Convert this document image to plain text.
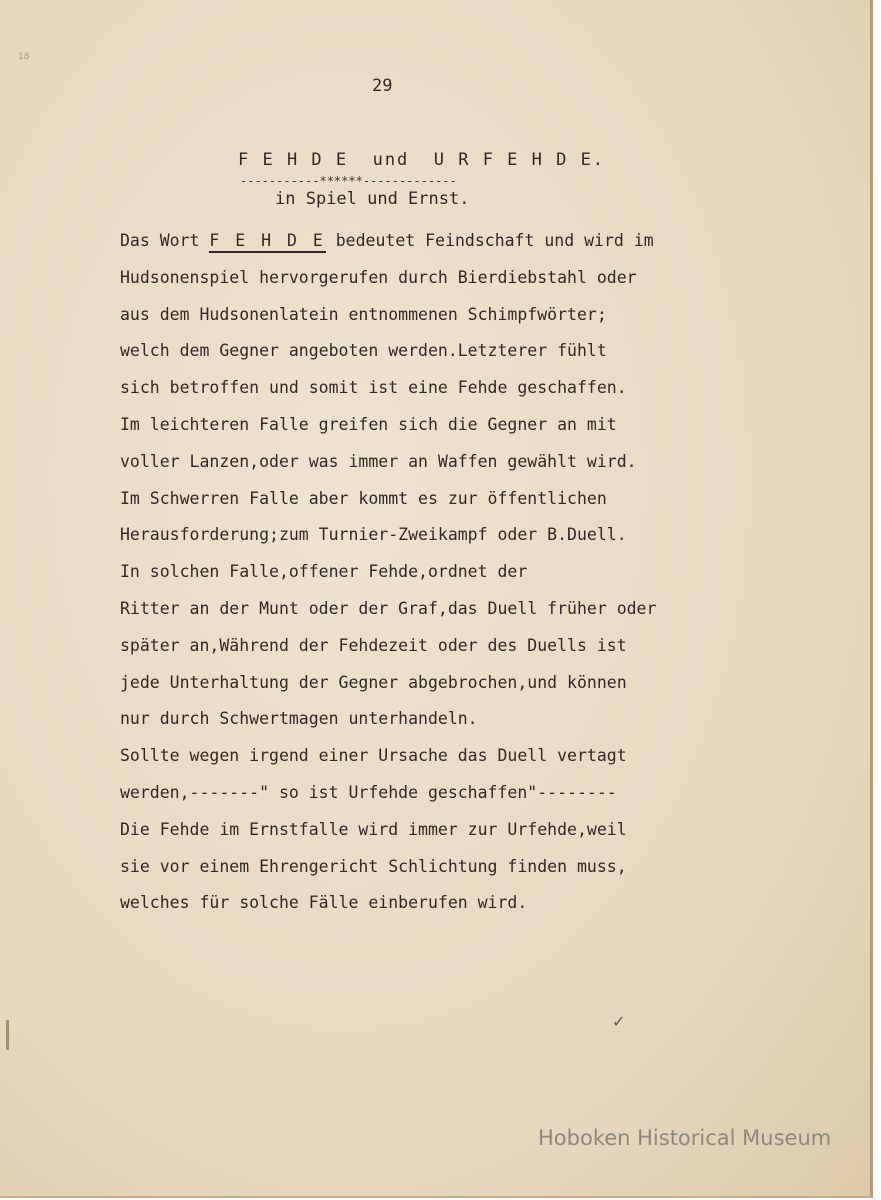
18
29
F E H D E  und  U R F E H D E.
-----------******-------------
in Spiel und Ernst.
Das Wort F E H D E bedeutet Feindschaft und wird im
Hudsonenspiel hervorgerufen durch Bierdiebstahl oder
aus dem Hudsonenlatein entnommenen Schimpfwörter;
welch dem Gegner angeboten werden.Letzterer fühlt
sich betroffen und somit ist eine Fehde geschaffen.
Im leichteren Falle greifen sich die Gegner an mit
voller Lanzen,oder was immer an Waffen gewählt wird.
Im Schwerren Falle aber kommt es zur öffentlichen
Herausforderung;zum Turnier-Zweikampf oder B.Duell.
In solchen Falle,offener Fehde,ordnet der
Ritter an der Munt oder der Graf,das Duell früher oder
später an,Während der Fehdezeit oder des Duells ist
jede Unterhaltung der Gegner abgebrochen,und können
nur durch Schwertmagen unterhandeln.
Sollte wegen irgend einer Ursache das Duell vertagt
werden,-------" so ist Urfehde geschaffen"--------
Die Fehde im Ernstfalle wird immer zur Urfehde,weil
sie vor einem Ehrengericht Schlichtung finden muss,
welches für solche Fälle einberufen wird.
✓
Hoboken Historical Museum
